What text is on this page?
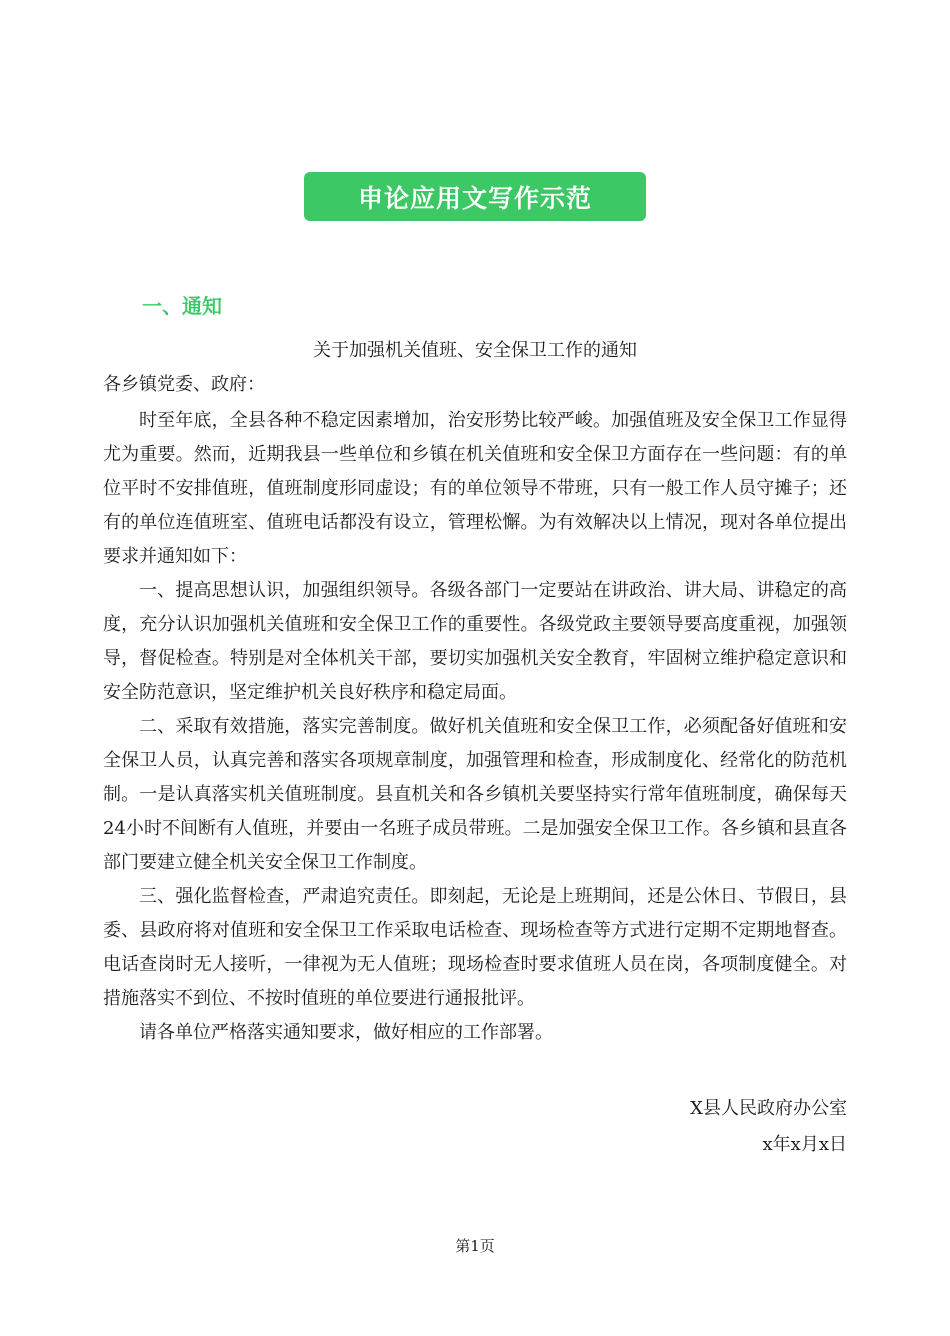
申论应用文写作示范
一、通知
关于加强机关值班、安全保卫工作的通知
各乡镇党委、政府：

时至年底，全县各种不稳定因素增加，治安形势比较严峻。加强值班及安全保卫工作显得尤为重要。然而，近期我县一些单位和乡镇在机关值班和安全保卫方面存在一些问题：有的单位平时不安排值班，值班制度形同虚设；有的单位领导不带班，只有一般工作人员守摊子；还有的单位连值班室、值班电话都没有设立，管理松懈。为有效解决以上情况，现对各单位提出要求并通知如下：

一、提高思想认识，加强组织领导。各级各部门一定要站在讲政治、讲大局、讲稳定的高度，充分认识加强机关值班和安全保卫工作的重要性。各级党政主要领导要高度重视，加强领导，督促检查。特别是对全体机关干部，要切实加强机关安全教育，牢固树立维护稳定意识和安全防范意识，坚定维护机关良好秩序和稳定局面。

二、采取有效措施，落实完善制度。做好机关值班和安全保卫工作，必须配备好值班和安全保卫人员，认真完善和落实各项规章制度，加强管理和检查，形成制度化、经常化的防范机制。一是认真落实机关值班制度。县直机关和各乡镇机关要坚持实行常年值班制度，确保每天24小时不间断有人值班，并要由一名班子成员带班。二是加强安全保卫工作。各乡镇和县直各部门要建立健全机关安全保卫工作制度。

三、强化监督检查，严肃追究责任。即刻起，无论是上班期间，还是公休日、节假日，县委、县政府将对值班和安全保卫工作采取电话检查、现场检查等方式进行定期不定期地督查。电话查岗时无人接听，一律视为无人值班；现场检查时要求值班人员在岗，各项制度健全。对措施落实不到位、不按时值班的单位要进行通报批评。

请各单位严格落实通知要求，做好相应的工作部署。

X县人民政府办公室
x年x月x日
第1页
